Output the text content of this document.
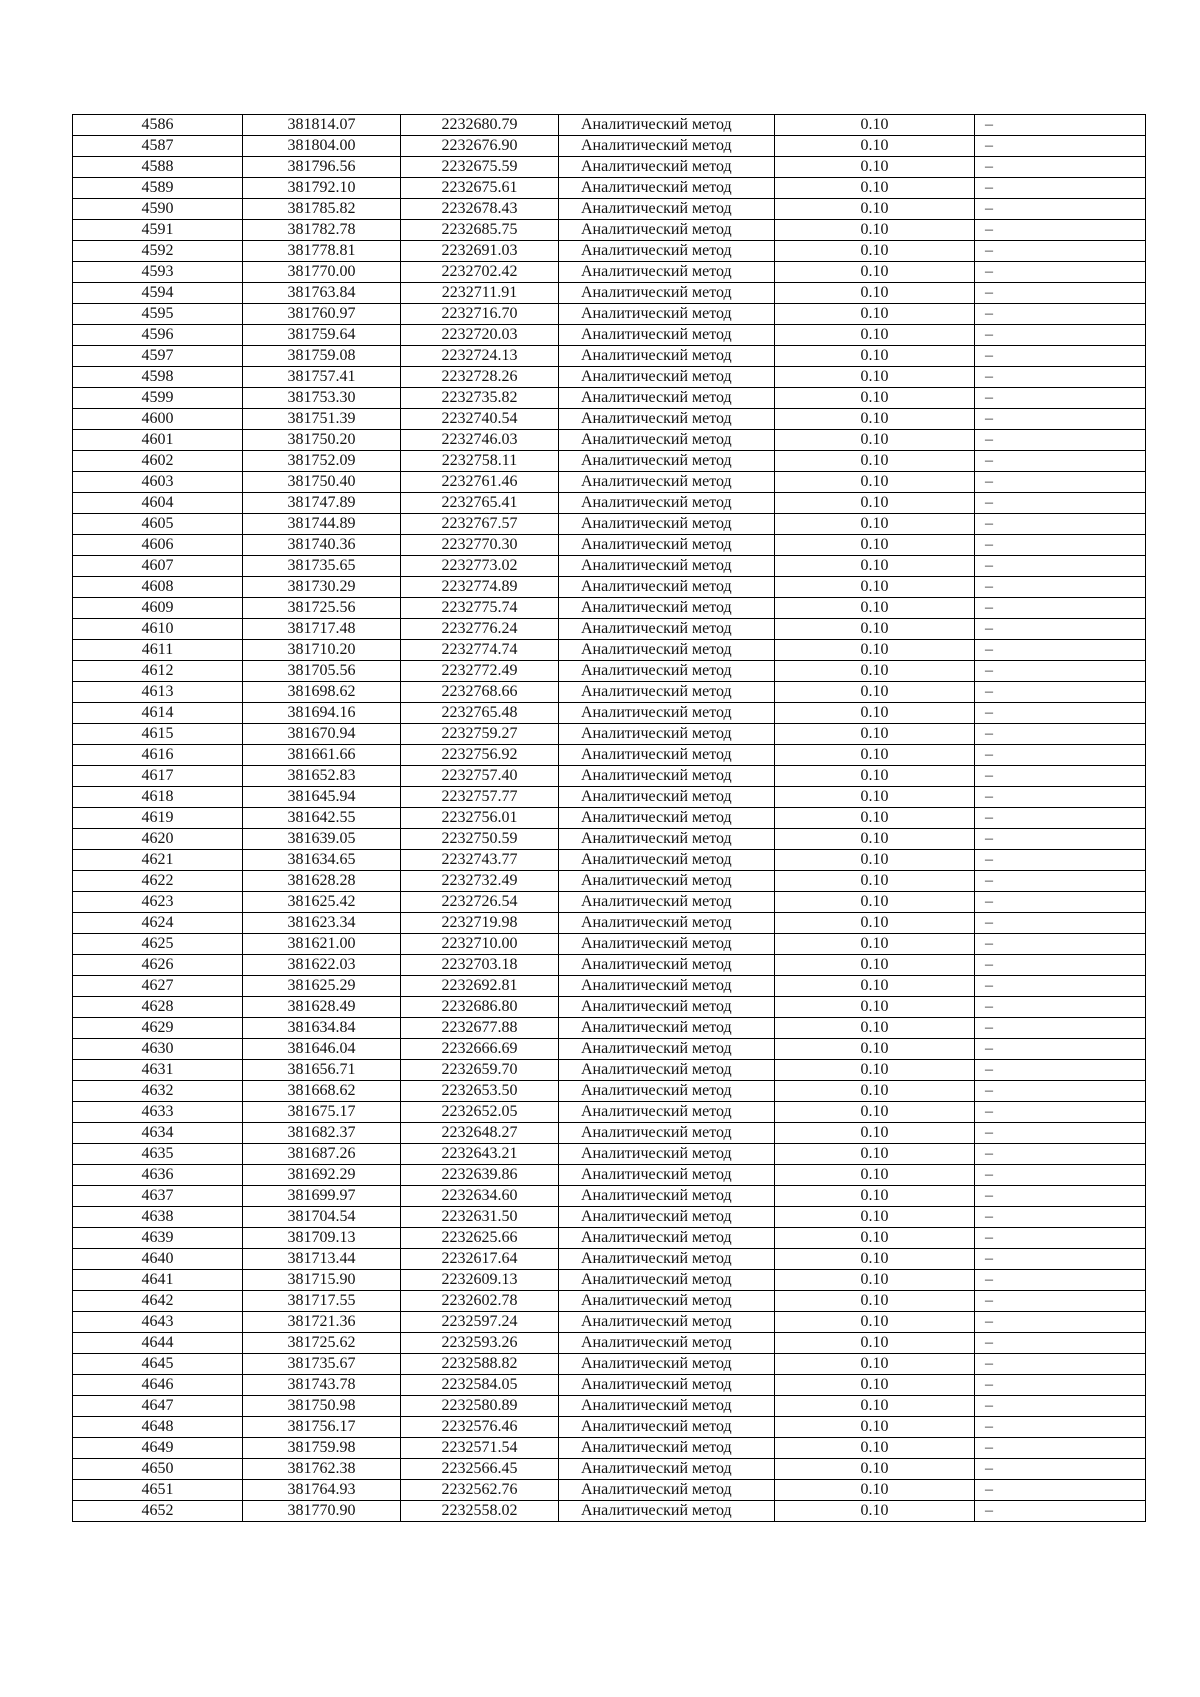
4586	381814.07	2232680.79	Аналитический метод	0.10	–
4587	381804.00	2232676.90	Аналитический метод	0.10	–
4588	381796.56	2232675.59	Аналитический метод	0.10	–
4589	381792.10	2232675.61	Аналитический метод	0.10	–
4590	381785.82	2232678.43	Аналитический метод	0.10	–
4591	381782.78	2232685.75	Аналитический метод	0.10	–
4592	381778.81	2232691.03	Аналитический метод	0.10	–
4593	381770.00	2232702.42	Аналитический метод	0.10	–
4594	381763.84	2232711.91	Аналитический метод	0.10	–
4595	381760.97	2232716.70	Аналитический метод	0.10	–
4596	381759.64	2232720.03	Аналитический метод	0.10	–
4597	381759.08	2232724.13	Аналитический метод	0.10	–
4598	381757.41	2232728.26	Аналитический метод	0.10	–
4599	381753.30	2232735.82	Аналитический метод	0.10	–
4600	381751.39	2232740.54	Аналитический метод	0.10	–
4601	381750.20	2232746.03	Аналитический метод	0.10	–
4602	381752.09	2232758.11	Аналитический метод	0.10	–
4603	381750.40	2232761.46	Аналитический метод	0.10	–
4604	381747.89	2232765.41	Аналитический метод	0.10	–
4605	381744.89	2232767.57	Аналитический метод	0.10	–
4606	381740.36	2232770.30	Аналитический метод	0.10	–
4607	381735.65	2232773.02	Аналитический метод	0.10	–
4608	381730.29	2232774.89	Аналитический метод	0.10	–
4609	381725.56	2232775.74	Аналитический метод	0.10	–
4610	381717.48	2232776.24	Аналитический метод	0.10	–
4611	381710.20	2232774.74	Аналитический метод	0.10	–
4612	381705.56	2232772.49	Аналитический метод	0.10	–
4613	381698.62	2232768.66	Аналитический метод	0.10	–
4614	381694.16	2232765.48	Аналитический метод	0.10	–
4615	381670.94	2232759.27	Аналитический метод	0.10	–
4616	381661.66	2232756.92	Аналитический метод	0.10	–
4617	381652.83	2232757.40	Аналитический метод	0.10	–
4618	381645.94	2232757.77	Аналитический метод	0.10	–
4619	381642.55	2232756.01	Аналитический метод	0.10	–
4620	381639.05	2232750.59	Аналитический метод	0.10	–
4621	381634.65	2232743.77	Аналитический метод	0.10	–
4622	381628.28	2232732.49	Аналитический метод	0.10	–
4623	381625.42	2232726.54	Аналитический метод	0.10	–
4624	381623.34	2232719.98	Аналитический метод	0.10	–
4625	381621.00	2232710.00	Аналитический метод	0.10	–
4626	381622.03	2232703.18	Аналитический метод	0.10	–
4627	381625.29	2232692.81	Аналитический метод	0.10	–
4628	381628.49	2232686.80	Аналитический метод	0.10	–
4629	381634.84	2232677.88	Аналитический метод	0.10	–
4630	381646.04	2232666.69	Аналитический метод	0.10	–
4631	381656.71	2232659.70	Аналитический метод	0.10	–
4632	381668.62	2232653.50	Аналитический метод	0.10	–
4633	381675.17	2232652.05	Аналитический метод	0.10	–
4634	381682.37	2232648.27	Аналитический метод	0.10	–
4635	381687.26	2232643.21	Аналитический метод	0.10	–
4636	381692.29	2232639.86	Аналитический метод	0.10	–
4637	381699.97	2232634.60	Аналитический метод	0.10	–
4638	381704.54	2232631.50	Аналитический метод	0.10	–
4639	381709.13	2232625.66	Аналитический метод	0.10	–
4640	381713.44	2232617.64	Аналитический метод	0.10	–
4641	381715.90	2232609.13	Аналитический метод	0.10	–
4642	381717.55	2232602.78	Аналитический метод	0.10	–
4643	381721.36	2232597.24	Аналитический метод	0.10	–
4644	381725.62	2232593.26	Аналитический метод	0.10	–
4645	381735.67	2232588.82	Аналитический метод	0.10	–
4646	381743.78	2232584.05	Аналитический метод	0.10	–
4647	381750.98	2232580.89	Аналитический метод	0.10	–
4648	381756.17	2232576.46	Аналитический метод	0.10	–
4649	381759.98	2232571.54	Аналитический метод	0.10	–
4650	381762.38	2232566.45	Аналитический метод	0.10	–
4651	381764.93	2232562.76	Аналитический метод	0.10	–
4652	381770.90	2232558.02	Аналитический метод	0.10	–
